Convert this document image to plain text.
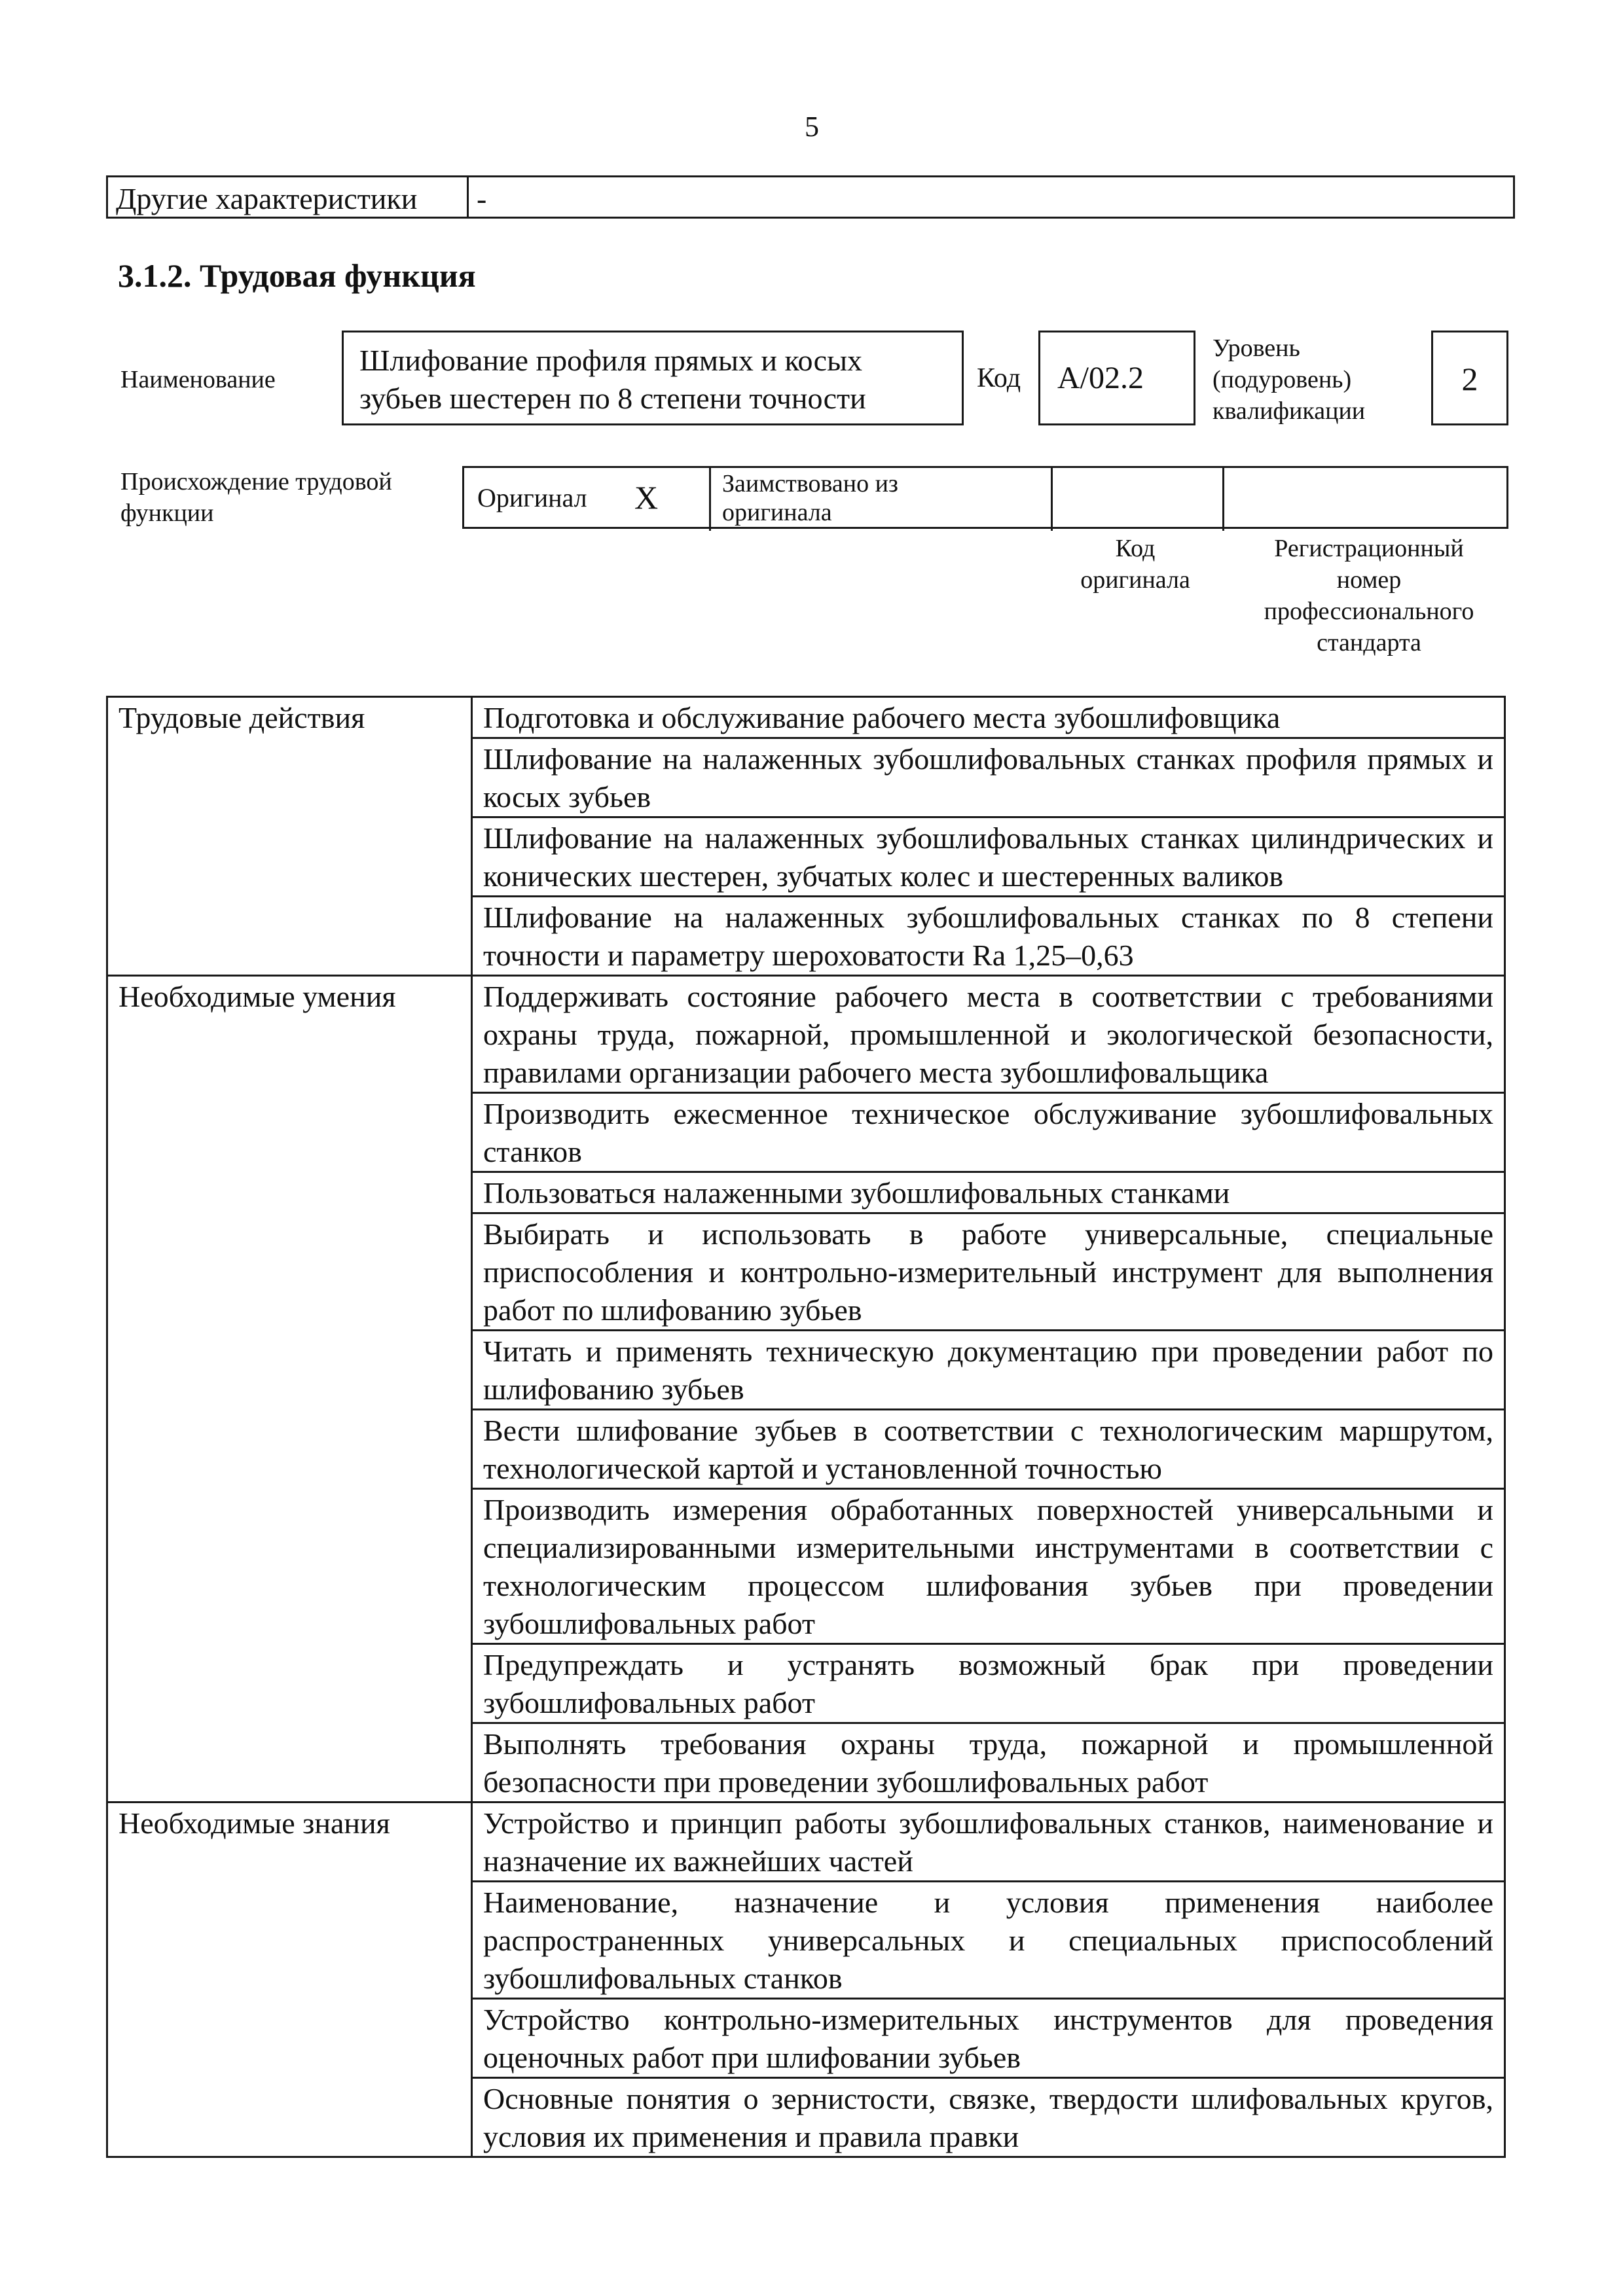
5
Другие характеристики	-
3.1.2. Трудовая функция
Наименование
Шлифование профиля прямых и косых
зубьев шестерен по 8 степени точности
Код	А/02.2
Уровень
(подуровень)
квалификации
2
Происхождение трудовой
функции
Оригинал X	Заимствовано из
оригинала
Код
оригинала
Регистрационный
номер
профессионального
стандарта
Трудовые действия	Подготовка и обслуживание рабочего места зубошлифовщика
	Шлифование на налаженных зубошлифовальных станках профиля прямых и косых зубьев
	Шлифование на налаженных зубошлифовальных станках цилиндрических и конических шестерен, зубчатых колес и шестеренных валиков
	Шлифование на налаженных зубошлифовальных станках по 8 степени точности и параметру шероховатости Ra 1,25–0,63
Необходимые умения	Поддерживать состояние рабочего места в соответствии с требованиями охраны труда, пожарной, промышленной и экологической безопасности, правилами организации рабочего места зубошлифовальщика
	Производить ежесменное техническое обслуживание зубошлифовальных станков
	Пользоваться налаженными зубошлифовальных станками
	Выбирать и использовать в работе универсальные, специальные приспособления и контрольно-измерительный инструмент для выполнения работ по шлифованию зубьев
	Читать и применять техническую документацию при проведении работ по шлифованию зубьев
	Вести шлифование зубьев в соответствии с технологическим маршрутом, технологической картой и установленной точностью
	Производить измерения обработанных поверхностей универсальными и специализированными измерительными инструментами в соответствии с технологическим процессом шлифования зубьев при проведении зубошлифовальных работ
	Предупреждать и устранять возможный брак при проведении зубошлифовальных работ
	Выполнять требования охраны труда, пожарной и промышленной безопасности при проведении зубошлифовальных работ
Необходимые знания	Устройство и принцип работы зубошлифовальных станков, наименование и назначение их важнейших частей
	Наименование, назначение и условия применения наиболее распространенных универсальных и специальных приспособлений зубошлифовальных станков
	Устройство контрольно-измерительных инструментов для проведения оценочных работ при шлифовании зубьев
	Основные понятия о зернистости, связке, твердости шлифовальных кругов, условия их применения и правила правки
